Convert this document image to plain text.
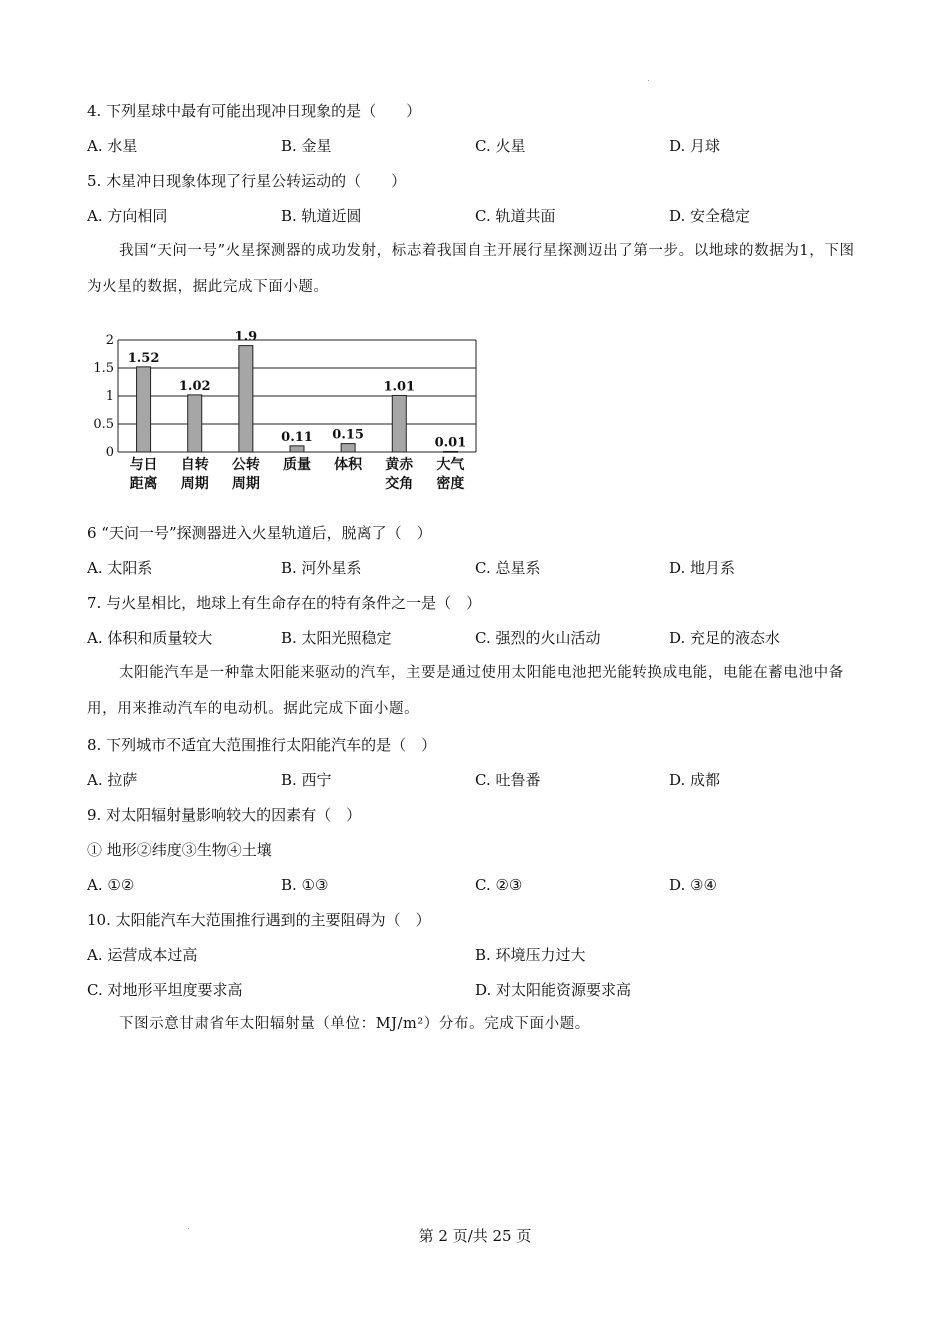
4. 下列星球中最有可能出现冲日现象的是（　　）
A. 水星	B. 金星	C. 火星	D. 月球
5. 木星冲日现象体现了行星公转运动的（　　）
A. 方向相同	B. 轨道近圆	C. 轨道共面	D. 安全稳定
我国“天问一号”火星探测器的成功发射，标志着我国自主开展行星探测迈出了第一步。以地球的数据为1，下图为火星的数据，据此完成下面小题。
0
0.5
1
1.5
2
1.52
1.02
1.9
0.11 0.15
1.01
0.01
与日
距离
自转
周期
公转
周期
质量 体积 黄赤
交角
大气
密度
6 “天问一号”探测器进入火星轨道后，脱离了（　）
A. 太阳系	B. 河外星系	C. 总星系	D. 地月系
7. 与火星相比，地球上有生命存在的特有条件之一是（　）
A. 体积和质量较大	B. 太阳光照稳定	C. 强烈的火山活动	D. 充足的液态水
太阳能汽车是一种靠太阳能来驱动的汽车，主要是通过使用太阳能电池把光能转换成电能，电能在蓄电池中备用，用来推动汽车的电动机。据此完成下面小题。
8. 下列城市不适宜大范围推行太阳能汽车的是（　）
A. 拉萨	B. 西宁	C. 吐鲁番	D. 成都
9. 对太阳辐射量影响较大的因素有（　）
① 地形②纬度③生物④土壤
A. ①②	B. ①③	C. ②③	D. ③④
10. 太阳能汽车大范围推行遇到的主要阻碍为（　）
A. 运营成本过高	B. 环境压力过大
C. 对地形平坦度要求高	D. 对太阳能资源要求高
下图示意甘肃省年太阳辐射量（单位：MJ/m²）分布。完成下面小题。
第 2 页/共 25 页
